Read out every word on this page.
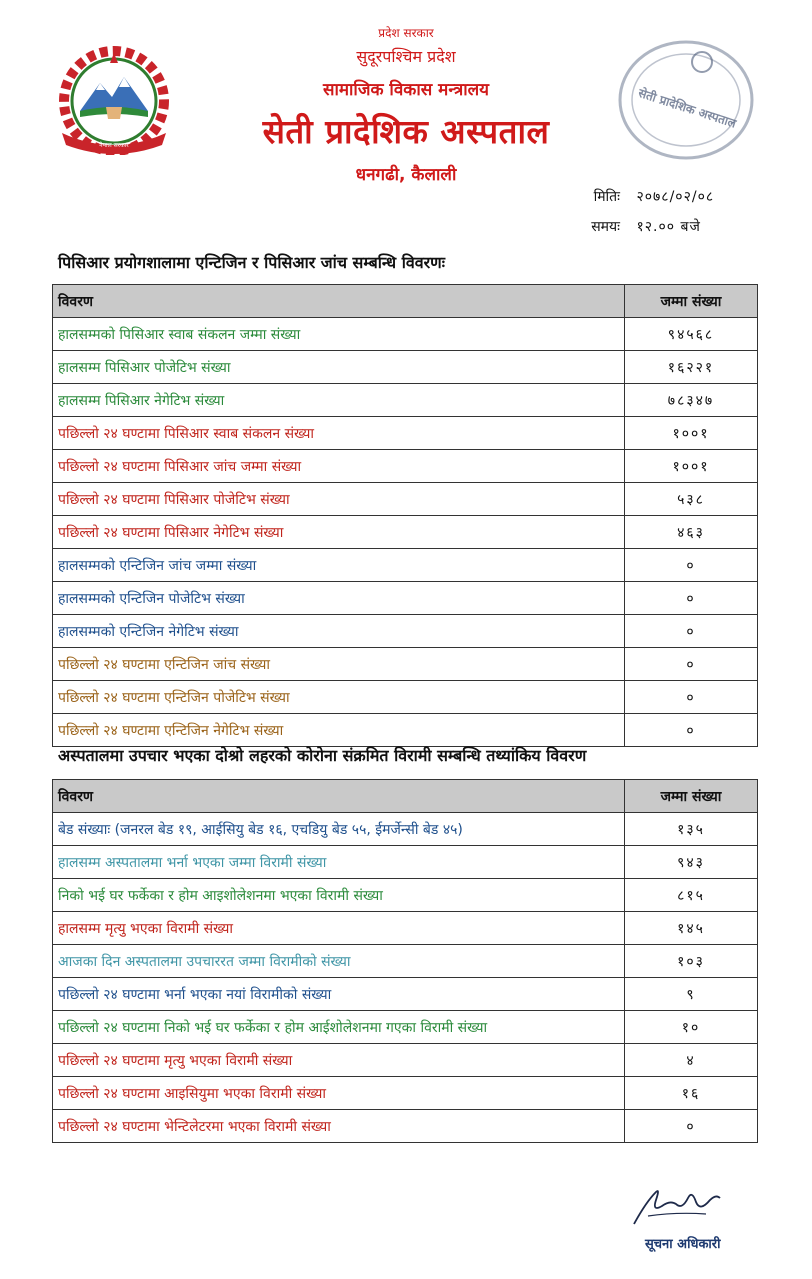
नेपाल सरकार
प्रदेश सरकार
सुदूरपश्चिम प्रदेश
सामाजिक विकास मन्त्रालय
सेती प्रादेशिक अस्पताल
धनगढी, कैलाली
सेती प्रादेशिक अस्पताल
मितिः २०७८/०२/०८
समयः १२.०० बजे
पिसिआर प्रयोगशालामा एन्टिजिन र पिसिआर जांच सम्बन्धि विवरणः
विवरण	जम्मा संख्या
हालसम्मको पिसिआर स्वाब संकलन जम्मा संख्या	९४५६८
हालसम्म पिसिआर पोजेटिभ संख्या	१६२२१
हालसम्म पिसिआर नेगेटिभ संख्या	७८३४७
पछिल्लो २४ घण्टामा पिसिआर स्वाब संकलन संख्या	१००१
पछिल्लो २४ घण्टामा पिसिआर जांच जम्मा संख्या	१००१
पछिल्लो २४ घण्टामा पिसिआर पोजेटिभ संख्या	५३८
पछिल्लो २४ घण्टामा पिसिआर नेगेटिभ संख्या	४६३
हालसम्मको एन्टिजिन जांच जम्मा संख्या	०
हालसम्मको एन्टिजिन पोजेटिभ संख्या	०
हालसम्मको एन्टिजिन नेगेटिभ संख्या	०
पछिल्लो २४ घण्टामा एन्टिजिन जांच संख्या	०
पछिल्लो २४ घण्टामा एन्टिजिन पोजेटिभ संख्या	०
पछिल्लो २४ घण्टामा एन्टिजिन नेगेटिभ संख्या	०
अस्पतालमा उपचार भएका दोश्रो लहरको कोरोना संक्रमित विरामी सम्बन्धि तथ्यांकिय विवरण
विवरण	जम्मा संख्या
बेड संख्याः (जनरल बेड १९, आईसियु बेड १६, एचडियु बेड ५५, ईमर्जेन्सी बेड ४५)	१३५
हालसम्म अस्पतालमा भर्ना भएका जम्मा विरामी संख्या	९४३
निको भई घर फर्केका र होम आइशोलेशनमा भएका विरामी संख्या	८१५
हालसम्म मृत्यु भएका विरामी संख्या	१४५
आजका दिन अस्पतालमा उपचाररत जम्मा विरामीको संख्या	१०३
पछिल्लो २४ घण्टामा भर्ना भएका नयां विरामीको संख्या	९
पछिल्लो २४ घण्टामा निको भई घर फर्केका र होम आईशोलेशनमा गएका विरामी संख्या	१०
पछिल्लो २४ घण्टामा मृत्यु भएका विरामी संख्या	४
पछिल्लो २४ घण्टामा आइसियुमा भएका विरामी संख्या	१६
पछिल्लो २४ घण्टामा भेन्टिलेटरमा भएका विरामी संख्या	०
सूचना अधिकारी
